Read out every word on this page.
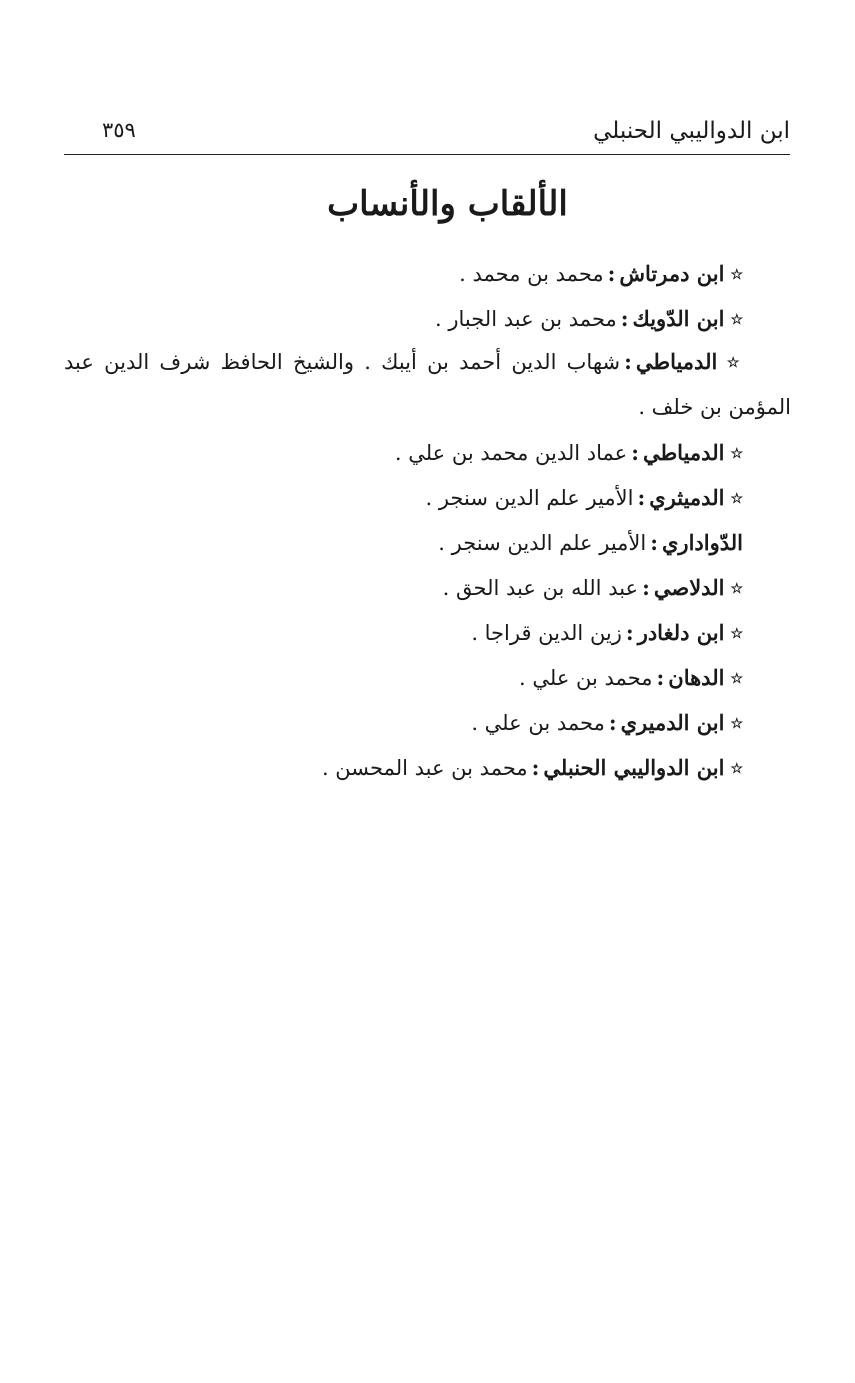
ابن الدواليبي الحنبلي
٣٥٩
الألقاب والأنساب
☆ابن دمرتاش:محمد بن محمد .
☆ابن الدّويك:محمد بن عبد الجبار .
☆الدمياطي:شهاب الدين أحمد بن أيبك . والشيخ الحافظ شرف الدين عبد المؤمن بن خلف .
☆الدمياطي:عماد الدين محمد بن علي .
☆الدميثري:الأمير علم الدين سنجر .
الدّواداري:الأمير علم الدين سنجر .
☆الدلاصي:عبد الله بن عبد الحق .
☆ابن دلغادر:زين الدين قراجا .
☆الدهان:محمد بن علي .
☆ابن الدميري:محمد بن علي .
☆ابن الدواليبي الحنبلي:محمد بن عبد المحسن .
